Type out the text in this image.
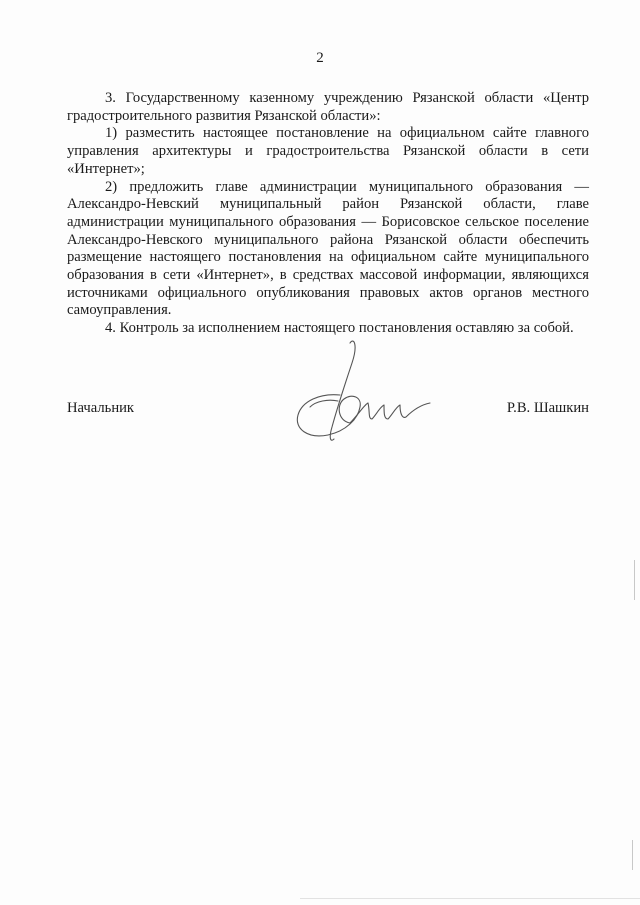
2

3. Государственному казенному учреждению Рязанской области «Центр градостроительного развития Рязанской области»:

1) разместить настоящее постановление на официальном сайте главного управления архитектуры и градостроительства Рязанской области в сети «Интернет»;

2) предложить главе администрации муниципального образования — Александро-Невский муниципальный район Рязанской области, главе администрации муниципального образования — Борисовское сельское поселение Александро-Невского муниципального района Рязанской области обеспечить размещение настоящего постановления на официальном сайте муниципального образования в сети «Интернет», в средствах массовой информации, являющихся источниками официального опубликования правовых актов органов местного самоуправления.

4. Контроль за исполнением настоящего постановления оставляю за собой.

Начальник	Р.В. Шашкин
